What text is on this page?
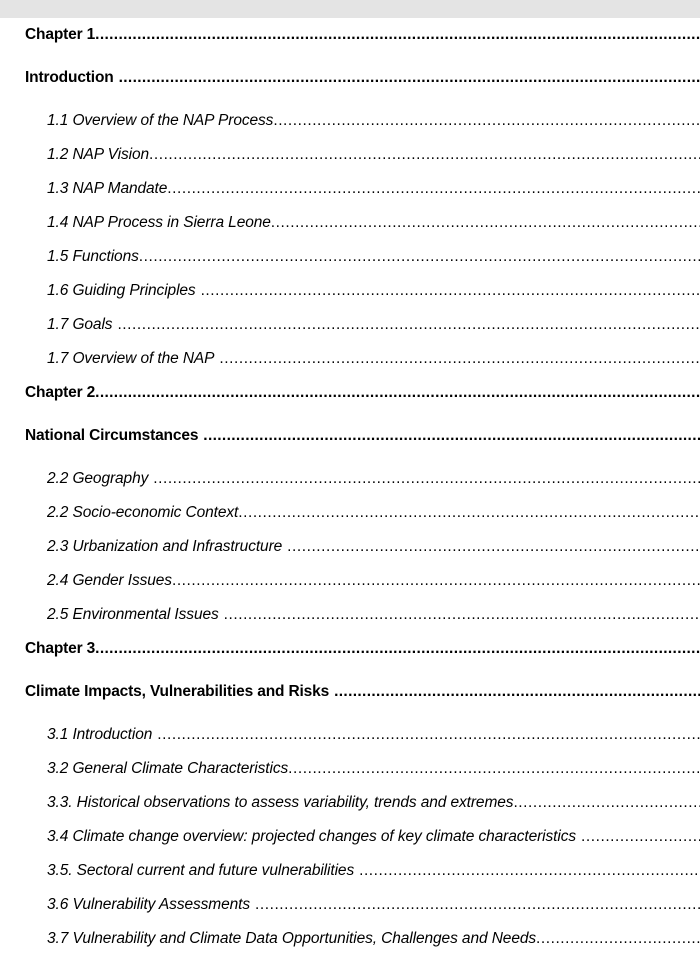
Chapter 1
.....
Introduction
.....
1.1 Overview of the NAP Process
.....
1.2 NAP Vision
.....
1.3 NAP Mandate
.....
1.4 NAP Process in Sierra Leone
.....
1.5 Functions
.....
1.6 Guiding Principles
.....
1.7 Goals
.....
1.7 Overview of the NAP
.....
Chapter 2
.....
National Circumstances
.....
2.2 Geography
.....
2.2 Socio-economic Context
.....
2.3 Urbanization and Infrastructure
.....
2.4 Gender Issues
.....
2.5 Environmental Issues
.....
Chapter 3
.....
Climate Impacts, Vulnerabilities and Risks
.....
3.1 Introduction
.....
3.2 General Climate Characteristics
.....
3.3. Historical observations to assess variability, trends and extremes
.....
3.4 Climate change overview: projected changes of key climate characteristics
.....
3.5. Sectoral current and future vulnerabilities
.....
3.6 Vulnerability Assessments
.....
3.7 Vulnerability and Climate Data Opportunities, Challenges and Needs
.....
